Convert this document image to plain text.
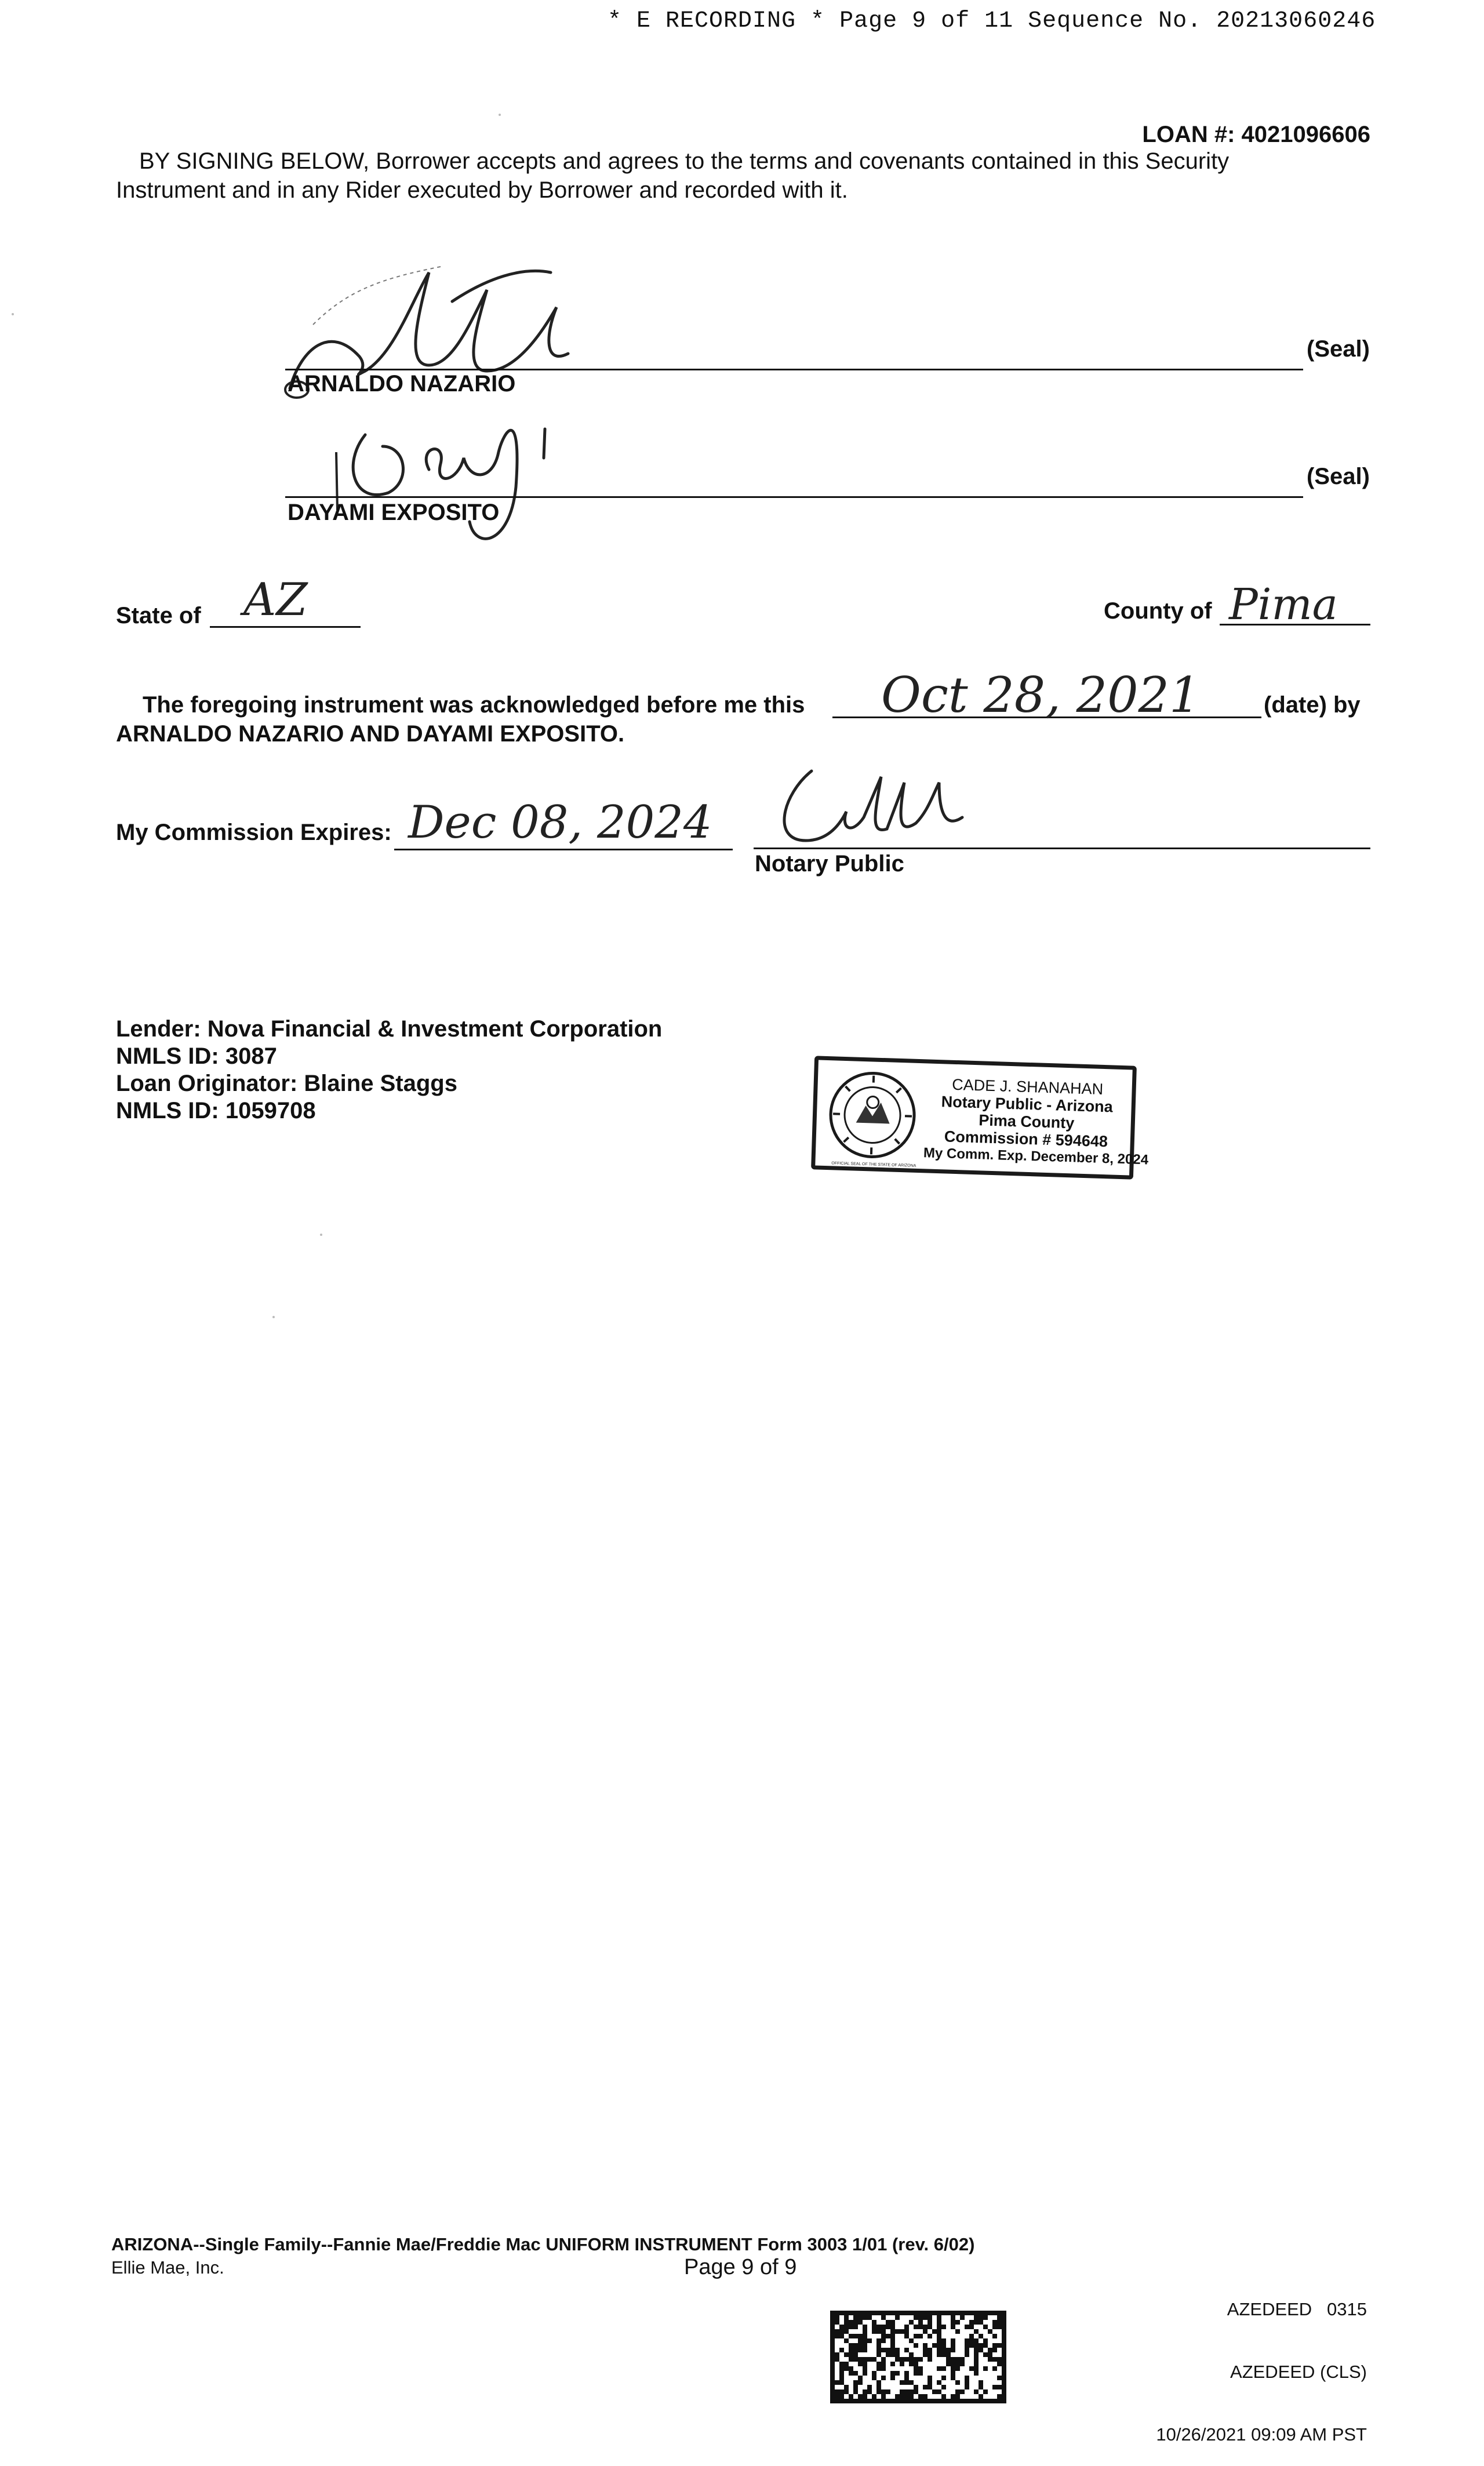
* E RECORDING * Page 9 of 11 Sequence No. 20213060246
LOAN #: 4021096606
BY SIGNING BELOW, Borrower accepts and agrees to the terms and covenants contained in this Security
Instrument and in any Rider executed by Borrower and recorded with it.
(Seal)
ARNALDO NAZARIO
(Seal)
DAYAMI EXPOSITO
State of AZ	County of Pima
The foregoing instrument was acknowledged before me this Oct 28, 2021	(date) by
ARNALDO NAZARIO AND DAYAMI EXPOSITO.
My Commission Expires: Dec 08, 2024
Notary Public
Lender: Nova Financial & Investment Corporation
NMLS ID: 3087
Loan Originator: Blaine Staggs
NMLS ID: 1059708
OFFICIAL SEAL OF THE STATE OF ARIZONA 1912
CADE J. SHANAHAN
Notary Public - Arizona
Pima County
Commission # 594648
My Comm. Exp. December 8, 2024
ARIZONA--Single Family--Fannie Mae/Freddie Mac UNIFORM INSTRUMENT Form 3003 1/01 (rev. 6/02)
Ellie Mae, Inc.	Page 9 of 9

AZEDEED   0315

AZEDEED (CLS)

10/26/2021 09:09 AM PST
